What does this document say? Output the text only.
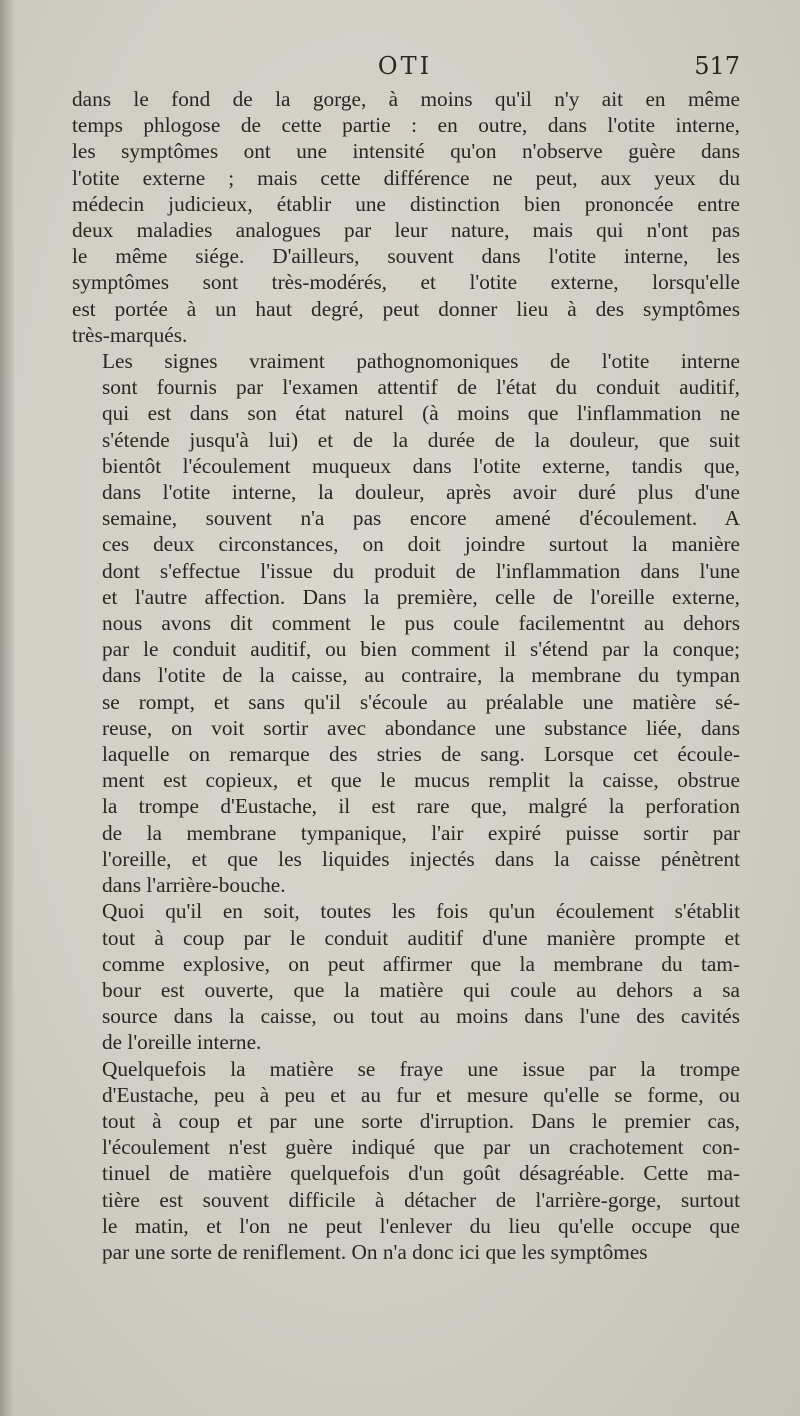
OTI	517
dans le fond de la gorge, à moins qu'il n'y ait en même
temps phlogose de cette partie : en outre, dans l'otite interne,
les symptômes ont une intensité qu'on n'observe guère dans
l'otite externe ; mais cette différence ne peut, aux yeux du
médecin judicieux, établir une distinction bien prononcée entre
deux maladies analogues par leur nature, mais qui n'ont pas
le même siége. D'ailleurs, souvent dans l'otite interne, les
symptômes sont très-modérés, et l'otite externe, lorsqu'elle
est portée à un haut degré, peut donner lieu à des symptômes
très-marqués.
Les signes vraiment pathognomoniques de l'otite interne
sont fournis par l'examen attentif de l'état du conduit auditif,
qui est dans son état naturel (à moins que l'inflammation ne
s'étende jusqu'à lui) et de la durée de la douleur, que suit
bientôt l'écoulement muqueux dans l'otite externe, tandis que,
dans l'otite interne, la douleur, après avoir duré plus d'une
semaine, souvent n'a pas encore amené d'écoulement. A
ces deux circonstances, on doit joindre surtout la manière
dont s'effectue l'issue du produit de l'inflammation dans l'une
et l'autre affection. Dans la première, celle de l'oreille externe,
nous avons dit comment le pus coule facilementnt au dehors
par le conduit auditif, ou bien comment il s'étend par la conque;
dans l'otite de la caisse, au contraire, la membrane du tympan
se rompt, et sans qu'il s'écoule au préalable une matière sé-
reuse, on voit sortir avec abondance une substance liée, dans
laquelle on remarque des stries de sang. Lorsque cet écoule-
ment est copieux, et que le mucus remplit la caisse, obstrue
la trompe d'Eustache, il est rare que, malgré la perforation
de la membrane tympanique, l'air expiré puisse sortir par
l'oreille, et que les liquides injectés dans la caisse pénètrent
dans l'arrière-bouche.
Quoi qu'il en soit, toutes les fois qu'un écoulement s'établit
tout à coup par le conduit auditif d'une manière prompte et
comme explosive, on peut affirmer que la membrane du tam-
bour est ouverte, que la matière qui coule au dehors a sa
source dans la caisse, ou tout au moins dans l'une des cavités
de l'oreille interne.
Quelquefois la matière se fraye une issue par la trompe
d'Eustache, peu à peu et au fur et mesure qu'elle se forme, ou
tout à coup et par une sorte d'irruption. Dans le premier cas,
l'écoulement n'est guère indiqué que par un crachotement con-
tinuel de matière quelquefois d'un goût désagréable. Cette ma-
tière est souvent difficile à détacher de l'arrière-gorge, surtout
le matin, et l'on ne peut l'enlever du lieu qu'elle occupe que
par une sorte de reniflement. On n'a donc ici que les symptômes
